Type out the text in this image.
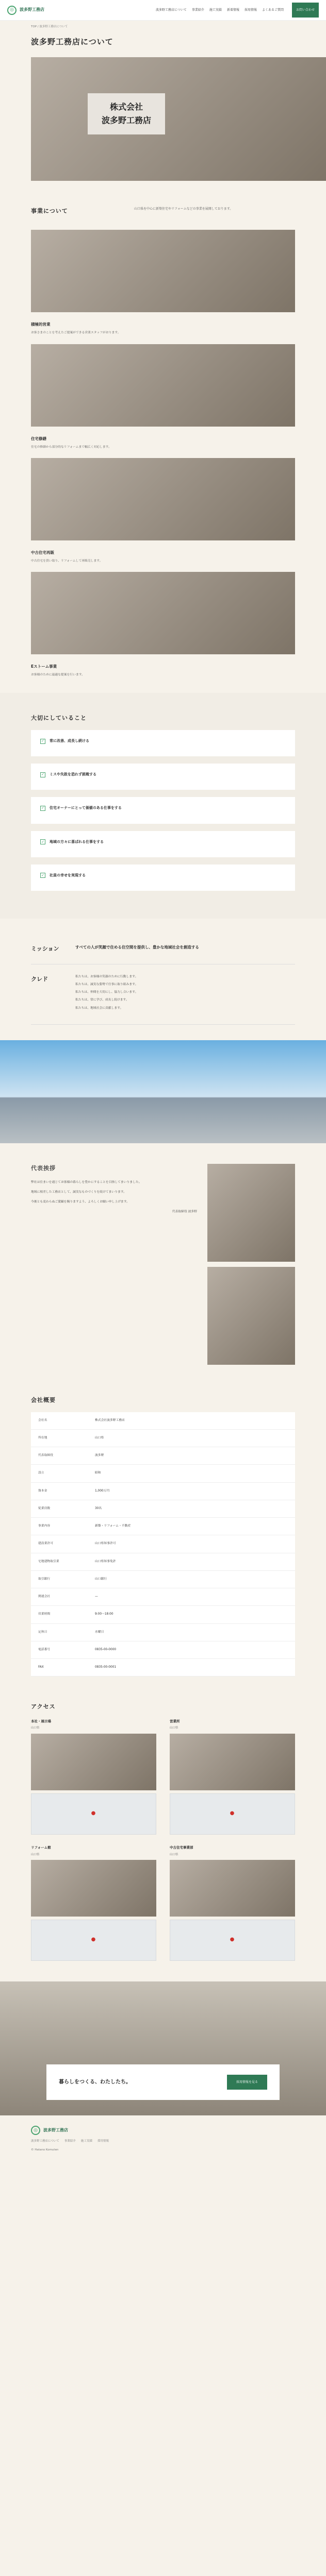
◎	波多野工務店	波多野工務店について 事業紹介 施工実績 新着情報 採用情報 よくあるご質問	お問い合わせ
TOP / 波多野工務店について
波多野工務店について
株式会社
波多野工務店
事業について	山口県を中心に新築住宅やリフォームなどの事業を展開しております。

積極的営業
お客さまのことを考えたご提案ができる営業スタッフがおります。
住宅修繕
住宅の修繕から部分的なリフォームまで幅広く対応します。
中古住宅再販
中古住宅を買い取り、リフォームして再販売します。
Eストーム事業
お客様のために最適な提案を行います。
大切にしていること
✓ 常に改善、成長し続ける
✓ ミスや失敗を恐れず挑戦する
✓ 住宅オーナーにとって価値のある仕事をする
✓ 地域の方々に喜ばれる仕事をする
✓ 社員の幸せを実現する
ミッション	すべての人が笑顔で住める住空間を提供し、豊かな地域社会を創造する
クレド	私たちは、お客様の笑顔のために行動します。
私たちは、誠実な姿勢で仕事に取り組みます。
私たちは、仲間を大切にし、協力し合います。
私たちは、常に学び、成長し続けます。
私たちは、地域社会に貢献します。
代表挨拶

弊社は住まいを通じてお客様の暮らしを豊かにすることを目指してまいりました。

地域に根差した工務店として、誠実なものづくりを続けてまいります。

今後とも変わらぬご愛顧を賜りますよう、よろしくお願い申し上げます。

代表取締役 波多野

会社概要
会社名	株式会社波多野工務店
所在地	山口県
代表取締役	波多野
設立	昭和
資本金	1,000万円
従業員数	30名
事業内容	新築・リフォーム・不動産
建設業許可	山口県知事許可
宅地建物取引業	山口県知事免許
取引銀行	山口銀行
関連会社	—
営業時間	9:00〜18:00
定休日	水曜日
電話番号	0835-00-0000
FAX	0835-00-0001
アクセス
本社・展示場
山口県
●
営業所
山口県
●
リフォーム館
山口県
●
中古住宅事業部
山口県
●
暮らしをつくる、わたしたち。	採用情報を見る
◎	波多野工務店
波多野工務店について 事業紹介 施工実績 採用情報
© Hatano Komuten
